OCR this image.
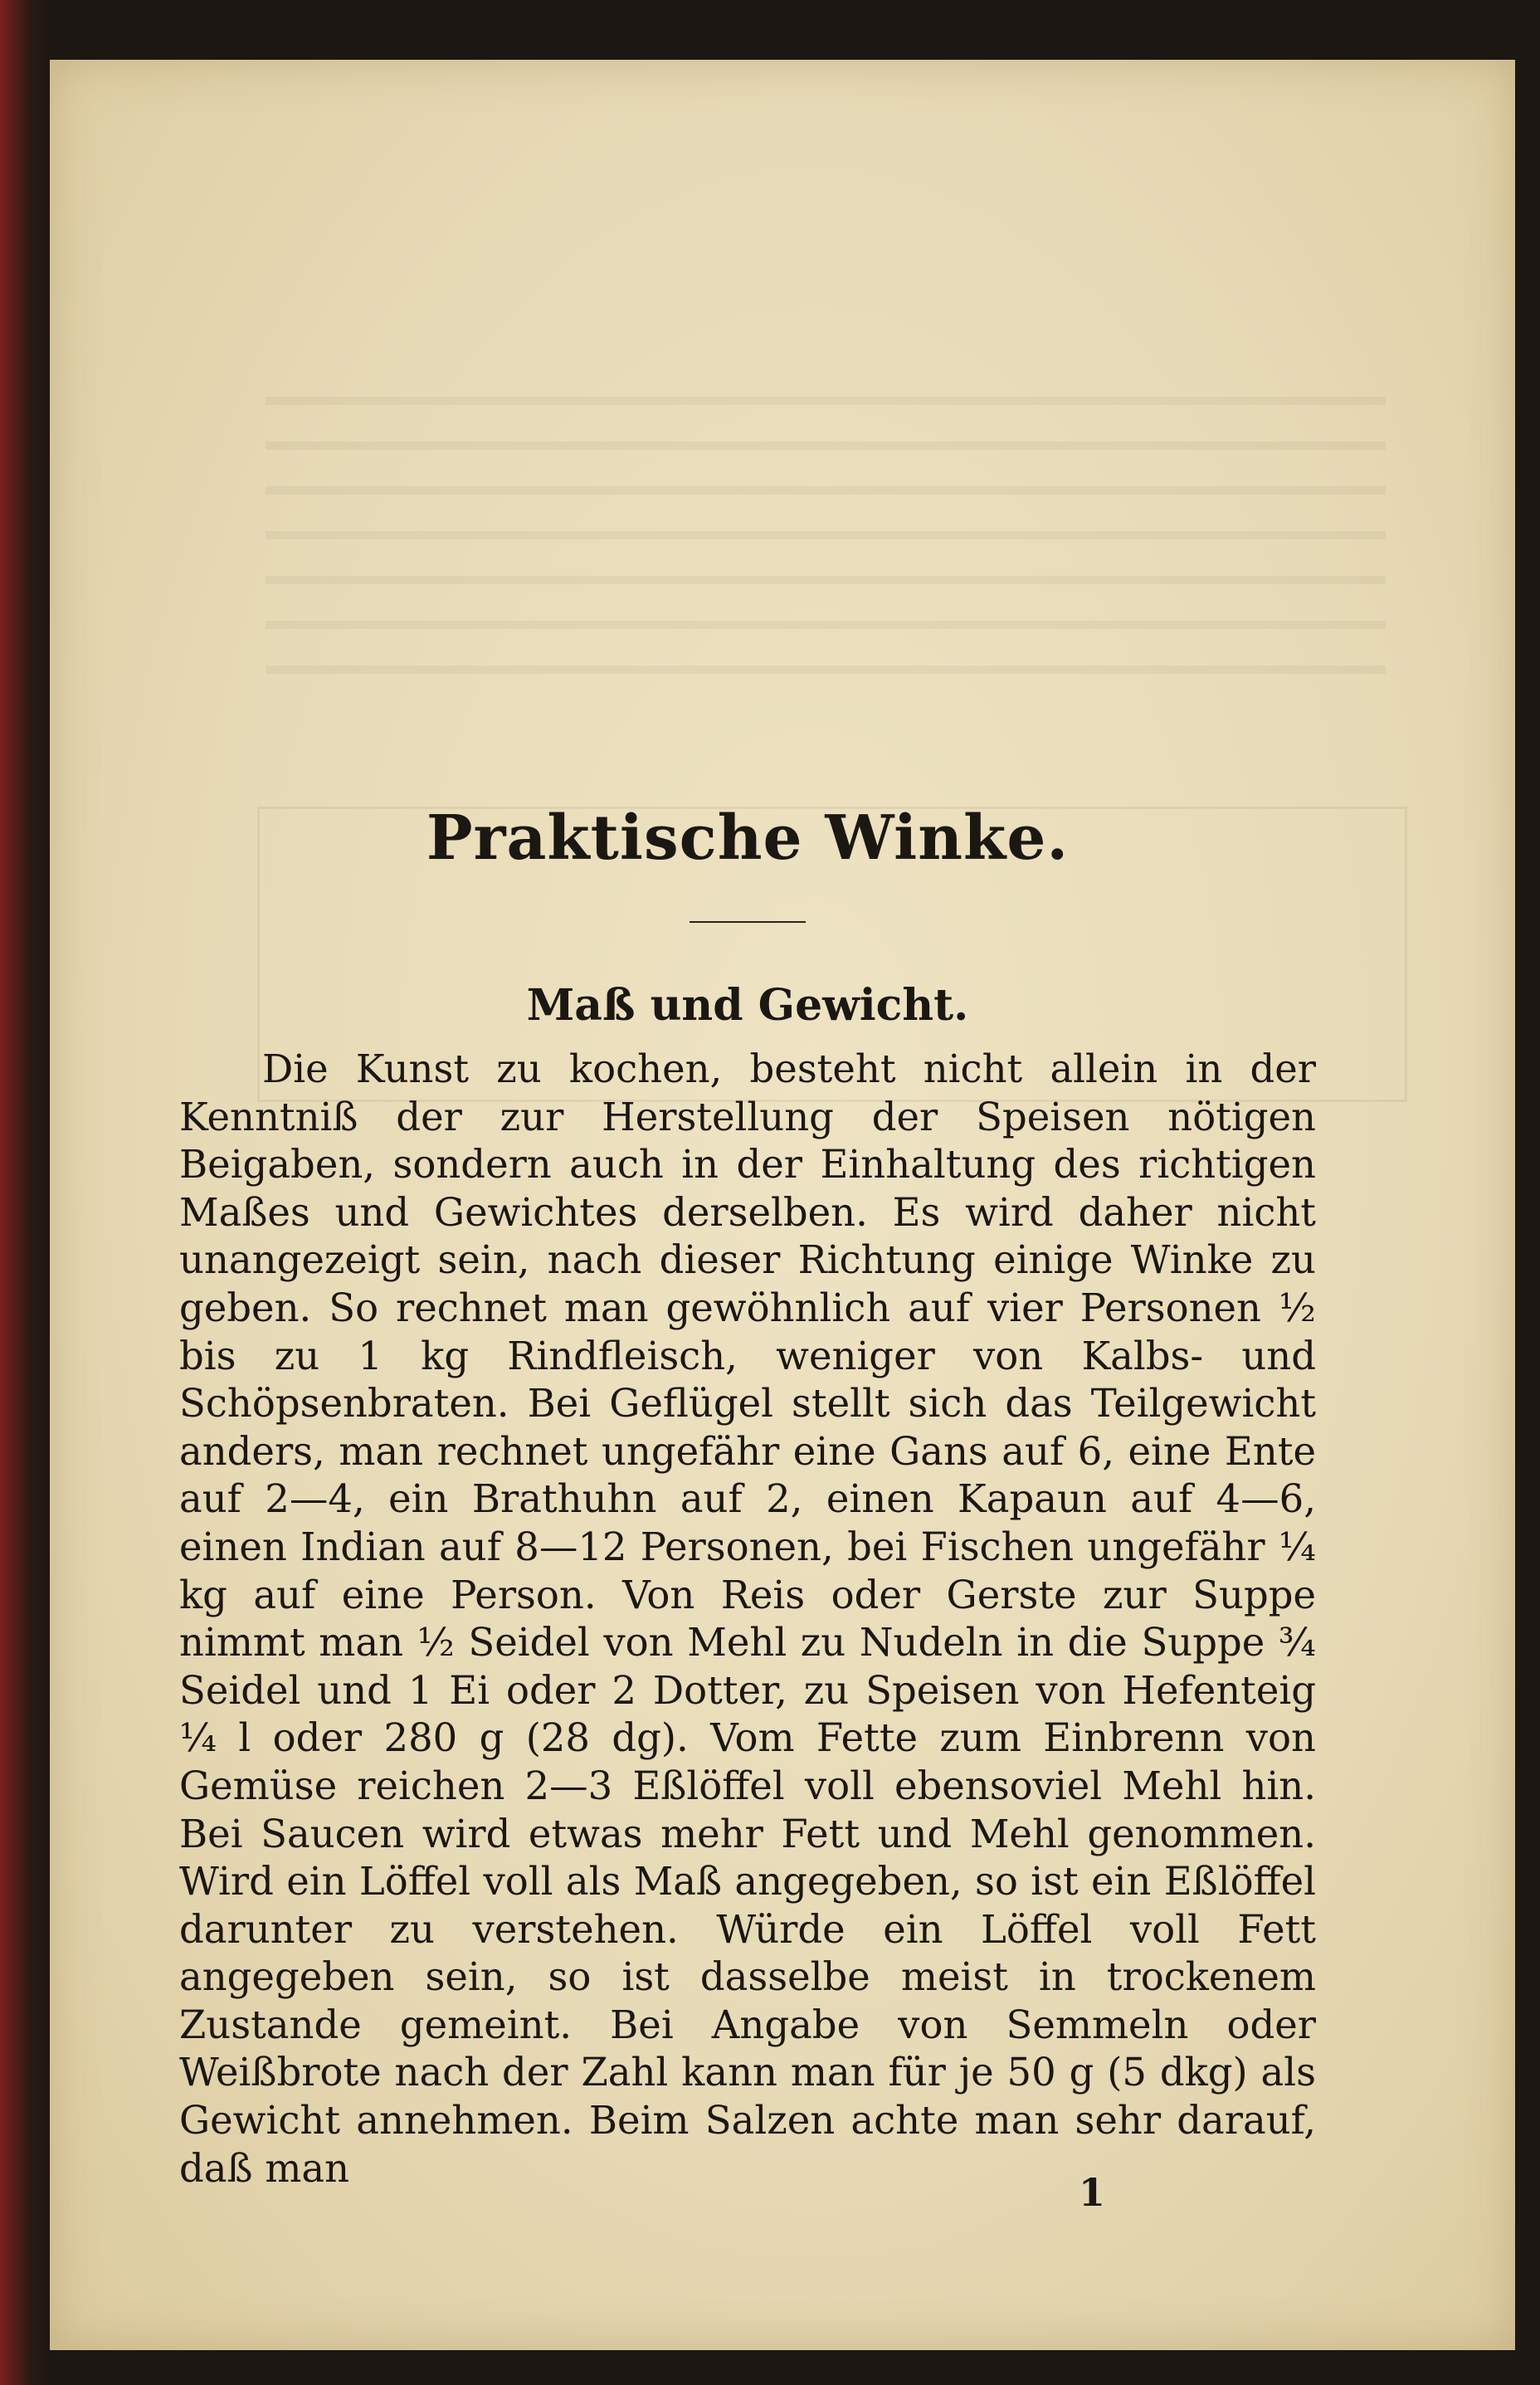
Praktische Winke.
Maß und Gewicht.

Die Kunst zu kochen, besteht nicht allein in der Kenntniß der zur Herstellung der Speisen nötigen Beigaben, sondern auch in der Einhaltung des richtigen Maßes und Gewichtes derselben. Es wird daher nicht unangezeigt sein, nach dieser Richtung einige Winke zu geben. So rechnet man gewöhnlich auf vier Personen ½ bis zu 1 kg Rindfleisch, weniger von Kalbs- und Schöpsenbraten. Bei Geflügel stellt sich das Teilgewicht anders, man rechnet ungefähr eine Gans auf 6, eine Ente auf 2—4, ein Brathuhn auf 2, einen Kapaun auf 4—6, einen Indian auf 8—12 Personen, bei Fischen ungefähr ¼ kg auf eine Person. Von Reis oder Gerste zur Suppe nimmt man ½ Seidel von Mehl zu Nudeln in die Suppe ¾ Seidel und 1 Ei oder 2 Dotter, zu Speisen von Hefenteig ¼ l oder 280 g (28 dg). Vom Fette zum Einbrenn von Gemüse reichen 2—3 Eßlöffel voll ebensoviel Mehl hin. Bei Saucen wird etwas mehr Fett und Mehl genommen. Wird ein Löffel voll als Maß angegeben, so ist ein Eßlöffel darunter zu verstehen. Würde ein Löffel voll Fett angegeben sein, so ist dasselbe meist in trockenem Zustande gemeint. Bei Angabe von Semmeln oder Weißbrote nach der Zahl kann man für je 50 g (5 dkg) als Gewicht annehmen. Beim Salzen achte man sehr darauf, daß man

1
